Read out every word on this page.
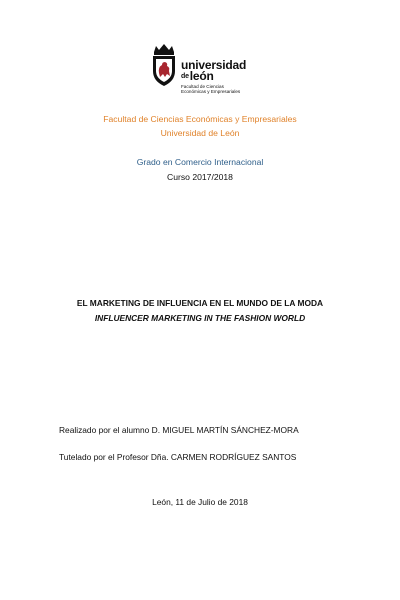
universidad
deleón
Facultad de Ciencias
Económicas y Empresariales
Facultad de Ciencias Económicas y Empresariales
Universidad de León
Grado en Comercio Internacional
Curso 2017/2018
EL MARKETING DE INFLUENCIA EN EL MUNDO DE LA MODA
INFLUENCER MARKETING IN THE FASHION WORLD
Realizado por el alumno D. MIGUEL MARTÍN SÁNCHEZ-MORA
Tutelado por el Profesor Dña. CARMEN RODRÍGUEZ SANTOS
León, 11 de Julio de 2018
